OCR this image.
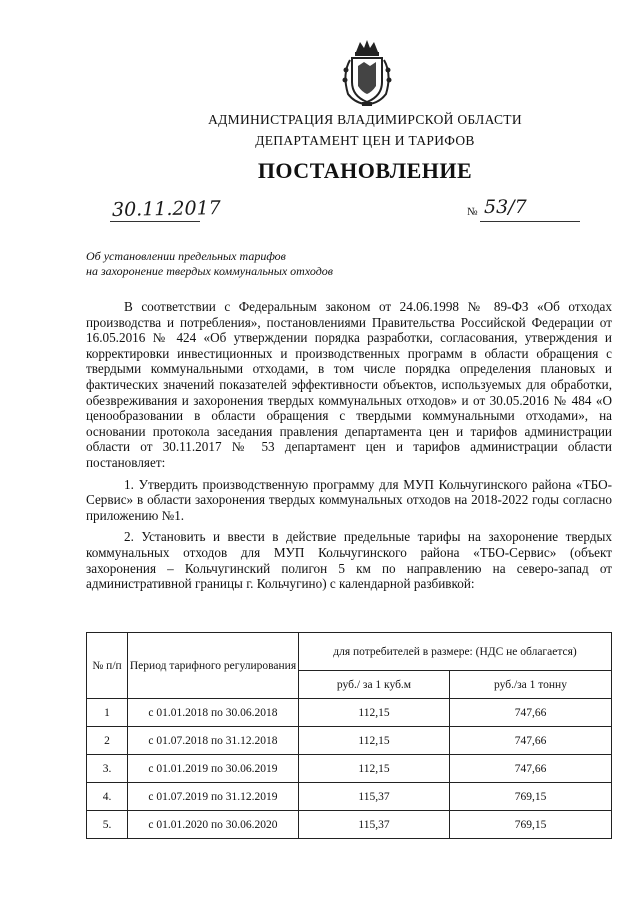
АДМИНИСТРАЦИЯ ВЛАДИМИРСКОЙ ОБЛАСТИ
ДЕПАРТАМЕНТ ЦЕН И ТАРИФОВ
ПОСТАНОВЛЕНИЕ
30.11.2017	№ 53/7
Об установлении предельных тарифов
на захоронение твердых коммунальных отходов

В соответствии с Федеральным законом от 24.06.1998 № 89-ФЗ «Об отходах производства и потребления», постановлениями Правительства Российской Федерации от 16.05.2016 № 424 «Об утверждении порядка разработки, согласования, утверждения и корректировки инвестиционных и производственных программ в области обращения с твердыми коммунальными отходами, в том числе порядка определения плановых и фактических значений показателей эффективности объектов, используемых для обработки, обезвреживания и захоронения твердых коммунальных отходов» и от 30.05.2016 № 484 «О ценообразовании в области обращения с твердыми коммунальными отходами», на основании протокола заседания правления департамента цен и тарифов администрации области от 30.11.2017 № 53 департамент цен и тарифов администрации области постановляет:

1. Утвердить производственную программу для МУП Кольчугинского района «ТБО-Сервис» в области захоронения твердых коммунальных отходов на 2018-2022 годы согласно приложению №1.

2. Установить и ввести в действие предельные тарифы на захоронение твердых коммунальных отходов для МУП Кольчугинского района «ТБО-Сервис» (объект захоронения – Кольчугинский полигон 5 км по направлению на северо-запад от административной границы г. Кольчугино) с календарной разбивкой:

№ п/п	Период тарифного регулирования	для потребителей в размере: (НДС не облагается)	
		руб./ за 1 куб.м	руб./за 1 тонну
1	с 01.01.2018 по 30.06.2018	112,15	747,66
2	с 01.07.2018 по 31.12.2018	112,15	747,66
3.	с 01.01.2019 по 30.06.2019	112,15	747,66
4.	с 01.07.2019 по 31.12.2019	115,37	769,15
5.	с 01.01.2020 по 30.06.2020	115,37	769,15
